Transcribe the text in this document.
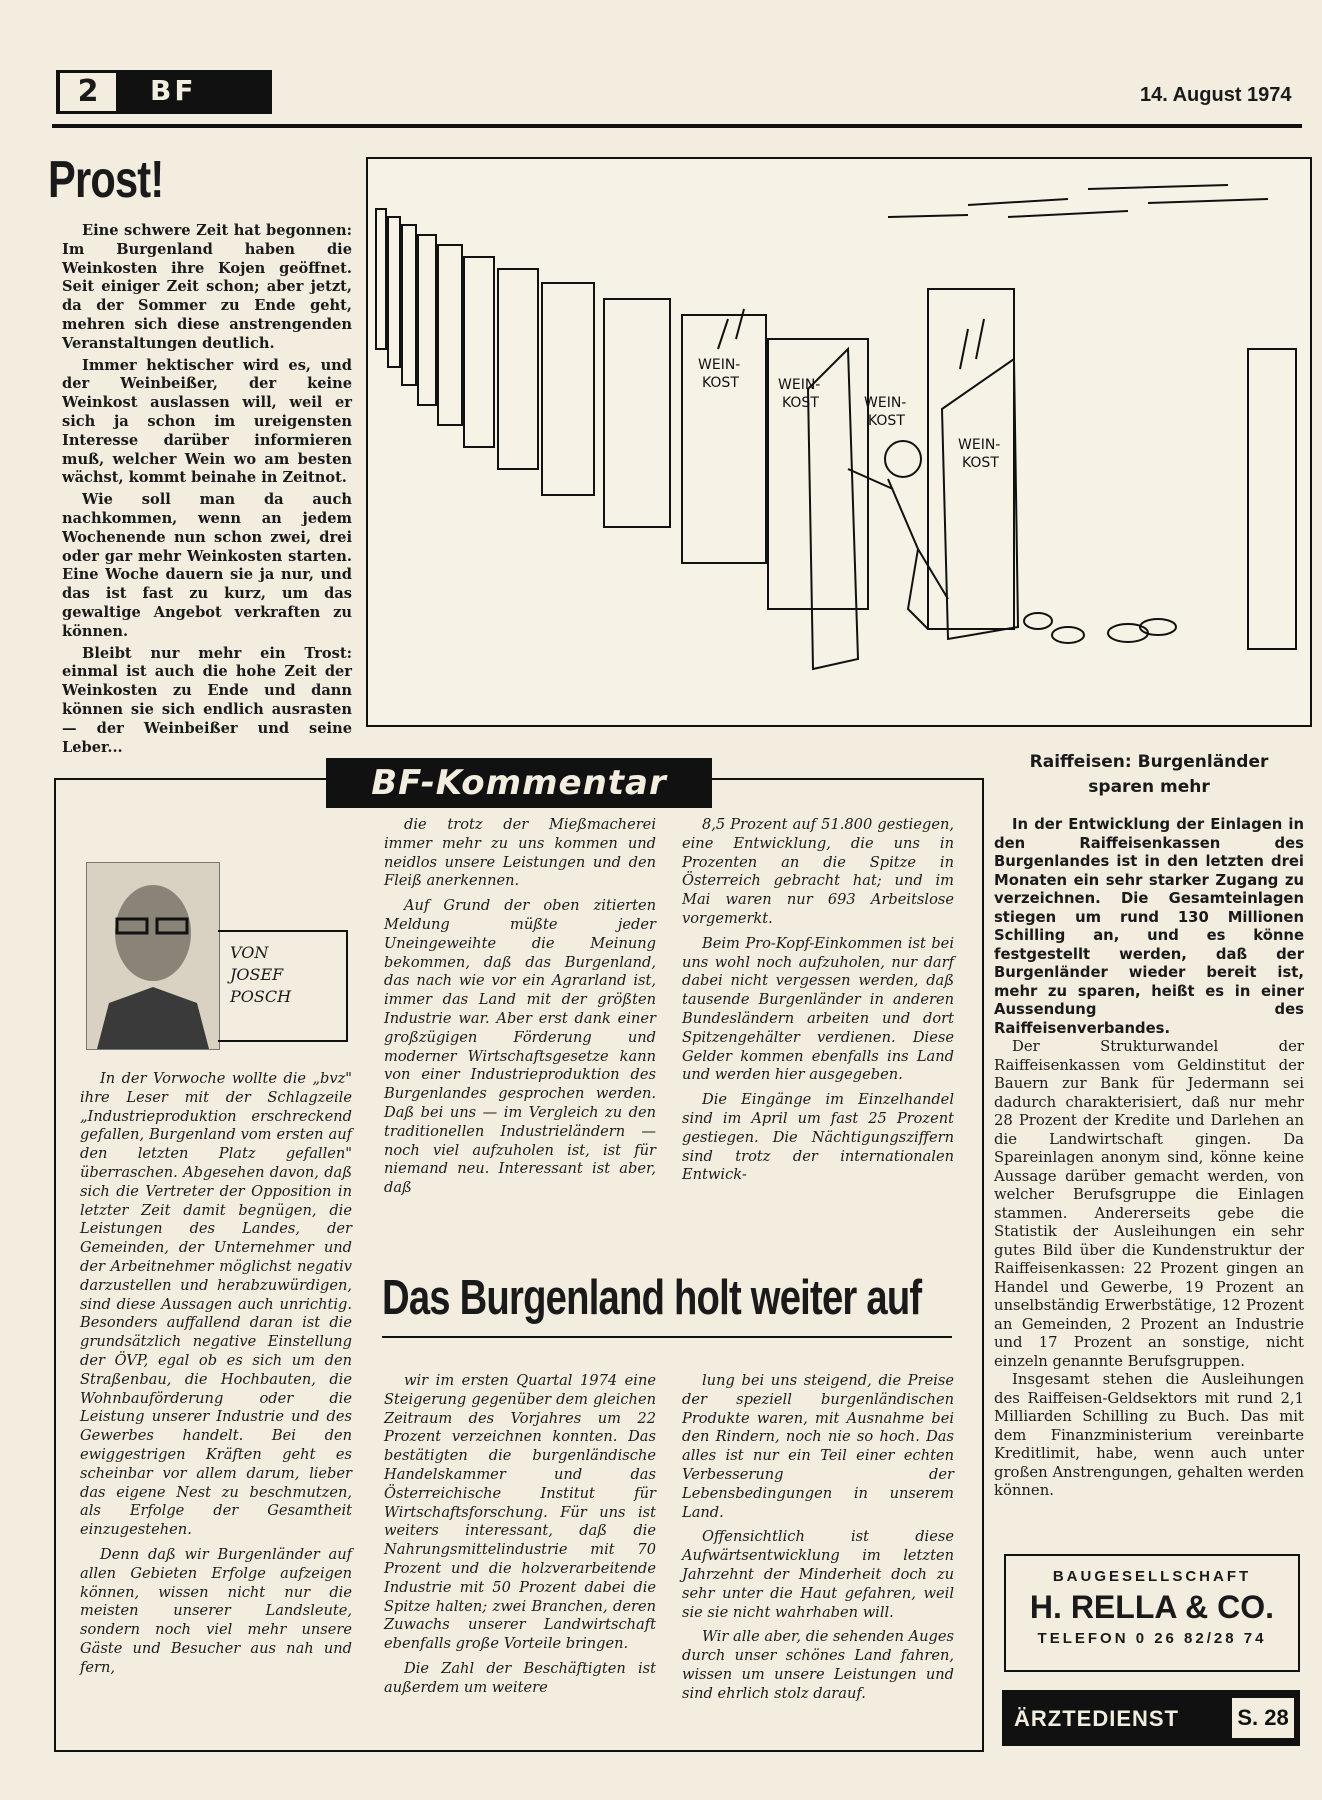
2	BF	14. August 1974
Prost!

Eine schwere Zeit hat begonnen: Im Burgenland haben die Weinkosten ihre Kojen geöffnet. Seit einiger Zeit schon; aber jetzt, da der Sommer zu Ende geht, mehren sich diese anstrengenden Veranstaltungen deutlich.

Immer hektischer wird es, und der Weinbeißer, der keine Weinkost auslassen will, weil er sich ja schon im ureigensten Interesse darüber informieren muß, welcher Wein wo am besten wächst, kommt beinahe in Zeitnot.

Wie soll man da auch nachkommen, wenn an jedem Wochenende nun schon zwei, drei oder gar mehr Weinkosten starten. Eine Woche dauern sie ja nur, und das ist fast zu kurz, um das gewaltige Angebot verkraften zu können.

Bleibt nur mehr ein Trost: einmal ist auch die hohe Zeit der Weinkosten zu Ende und dann können sie sich endlich ausrasten — der Weinbeißer und seine Leber...

WEIN-
KOST	WEIN-
KOST	WEIN-
KOST
WEIN-
KOST
BF-Kommentar
VON
JOSEF
POSCH

In der Vorwoche wollte die „bvz" ihre Leser mit der Schlagzeile „Industrieproduktion erschreckend gefallen, Burgenland vom ersten auf den letzten Platz gefallen" überraschen. Abgesehen davon, daß sich die Vertreter der Opposition in letzter Zeit damit begnügen, die Leistungen des Landes, der Gemeinden, der Unternehmer und der Arbeitnehmer möglichst negativ darzustellen und herabzuwürdigen, sind diese Aussagen auch unrichtig. Besonders auffallend daran ist die grundsätzlich negative Einstellung der ÖVP, egal ob es sich um den Straßenbau, die Hochbauten, die Wohnbauförderung oder die Leistung unserer Industrie und des Gewerbes handelt. Bei den ewiggestrigen Kräften geht es scheinbar vor allem darum, lieber das eigene Nest zu beschmutzen, als Erfolge der Gesamtheit einzugestehen.

Denn daß wir Burgenländer auf allen Gebieten Erfolge aufzeigen können, wissen nicht nur die meisten unserer Landsleute, sondern noch viel mehr unsere Gäste und Besucher aus nah und fern,

die trotz der Mießmacherei immer mehr zu uns kommen und neidlos unsere Leistungen und den Fleiß anerkennen.

Auf Grund der oben zitierten Meldung müßte jeder Uneingeweihte die Meinung bekommen, daß das Burgenland, das nach wie vor ein Agrarland ist, immer das Land mit der größten Industrie war. Aber erst dank einer großzügigen Förderung und moderner Wirtschaftsgesetze kann von einer Industrieproduktion des Burgenlandes gesprochen werden. Daß bei uns — im Vergleich zu den traditionellen Industrieländern — noch viel aufzuholen ist, ist für niemand neu. Interessant ist aber, daß

8,5 Prozent auf 51.800 gestiegen, eine Entwicklung, die uns in Prozenten an die Spitze in Österreich gebracht hat; und im Mai waren nur 693 Arbeitslose vorgemerkt.

Beim Pro-Kopf-Einkommen ist bei uns wohl noch aufzuholen, nur darf dabei nicht vergessen werden, daß tausende Burgenländer in anderen Bundesländern arbeiten und dort Spitzengehälter verdienen. Diese Gelder kommen ebenfalls ins Land und werden hier ausgegeben.

Die Eingänge im Einzelhandel sind im April um fast 25 Prozent gestiegen. Die Nächtigungsziffern sind trotz der internationalen Entwick-

Das Burgenland holt weiter auf

wir im ersten Quartal 1974 eine Steigerung gegenüber dem gleichen Zeitraum des Vorjahres um 22 Prozent verzeichnen konnten. Das bestätigten die burgenländische Handelskammer und das Österreichische Institut für Wirtschaftsforschung. Für uns ist weiters interessant, daß die Nahrungsmittelindustrie mit 70 Prozent und die holzverarbeitende Industrie mit 50 Prozent dabei die Spitze halten; zwei Branchen, deren Zuwachs unserer Landwirtschaft ebenfalls große Vorteile bringen.

Die Zahl der Beschäftigten ist außerdem um weitere

lung bei uns steigend, die Preise der speziell burgenländischen Produkte waren, mit Ausnahme bei den Rindern, noch nie so hoch. Das alles ist nur ein Teil einer echten Verbesserung der Lebensbedingungen in unserem Land.

Offensichtlich ist diese Aufwärtsentwicklung im letzten Jahrzehnt der Minderheit doch zu sehr unter die Haut gefahren, weil sie sie nicht wahrhaben will.

Wir alle aber, die sehenden Auges durch unser schönes Land fahren, wissen um unsere Leistungen und sind ehrlich stolz darauf.

Raiffeisen: Burgenländer
sparen mehr

In der Entwicklung der Einlagen in den Raiffeisenkassen des Burgenlandes ist in den letzten drei Monaten ein sehr starker Zugang zu verzeichnen. Die Gesamteinlagen stiegen um rund 130 Millionen Schilling an, und es könne festgestellt werden, daß der Burgenländer wieder bereit ist, mehr zu sparen, heißt es in einer Aussendung des Raiffeisenverbandes.

Der Strukturwandel der Raiffeisenkassen vom Geldinstitut der Bauern zur Bank für Jedermann sei dadurch charakterisiert, daß nur mehr 28 Prozent der Kredite und Darlehen an die Landwirtschaft gingen. Da Spareinlagen anonym sind, könne keine Aussage darüber gemacht werden, von welcher Berufsgruppe die Einlagen stammen. Andererseits gebe die Statistik der Ausleihungen ein sehr gutes Bild über die Kundenstruktur der Raiffeisenkassen: 22 Prozent gingen an Handel und Gewerbe, 19 Prozent an unselbständig Erwerbstätige, 12 Prozent an Gemeinden, 2 Prozent an Industrie und 17 Prozent an sonstige, nicht einzeln genannte Berufsgruppen.

Insgesamt stehen die Ausleihungen des Raiffeisen-Geldsektors mit rund 2,1 Milliarden Schilling zu Buch. Das mit dem Finanzministerium vereinbarte Kreditlimit, habe, wenn auch unter großen Anstrengungen, gehalten werden können.

BAUGESELLSCHAFT
H. RELLA & CO.
TELEFON 0 26 82/28 74
ÄRZTEDIENST	S. 28
